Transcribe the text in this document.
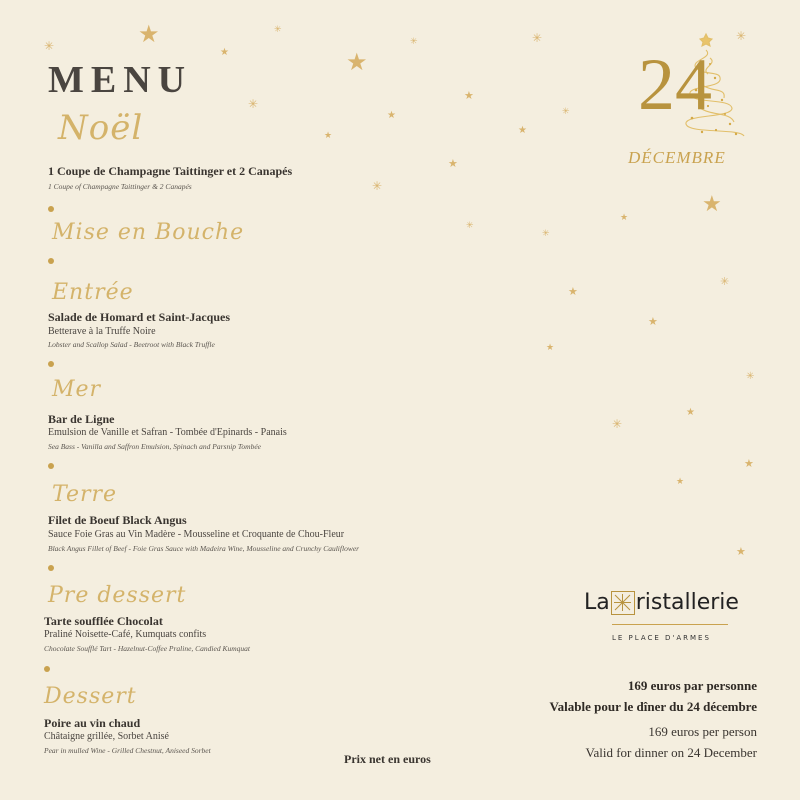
★
✳	★
✳
★
✳
✳
★
★
★
✳
★
✳
★
✳
✳
★
✳
✳
★
✳
★
★
★
✳
★
✳
★
★
★
24
DÉCEMBRE
MENU
Noël
1 Coupe de Champagne Taittinger et 2 Canapés
1 Coupe of Champagne Taittinger & 2 Canapés
Mise en Bouche
Entrée
Salade de Homard et Saint-Jacques
Betterave à la Truffe Noire
Lobster and Scallop Salad - Beetroot with Black Truffle
Mer
Bar de Ligne
Emulsion de Vanille et Safran - Tombée d'Epinards - Panais
Sea Bass - Vanilla and Saffron Emulsion, Spinach and Parsnip Tombée
Terre
Filet de Boeuf Black Angus
Sauce Foie Gras au Vin Madère - Mousseline et Croquante de Chou-Fleur
Black Angus Fillet of Beef - Foie Gras Sauce with Madeira Wine, Mousseline and Crunchy Cauliflower
Pre dessert
Tarte soufflée Chocolat
Praliné Noisette-Café, Kumquats confits
Chocolate Soufflé Tart - Hazelnut-Coffee Praline, Candied Kumquat
Dessert
Poire au vin chaud
Châtaigne grillée, Sorbet Anisé
Pear in mulled Wine - Grilled Chestnut, Aniseed Sorbet
La ristallerie
LE PLACE D'ARMES
169 euros par personne
Valable pour le dîner du 24 décembre
169 euros per person
Valid for dinner on 24 December
Prix net en euros
